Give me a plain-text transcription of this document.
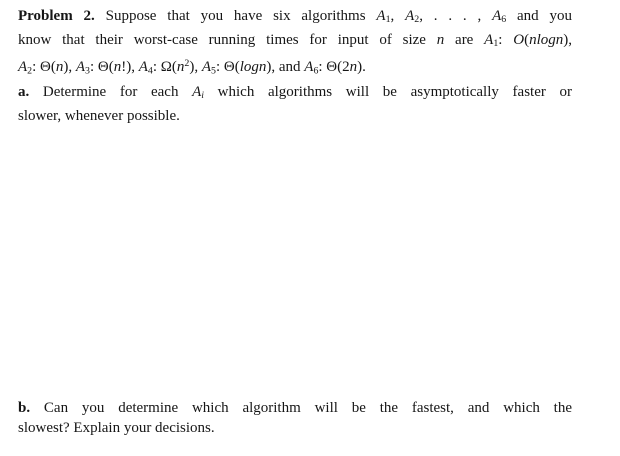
Problem 2. Suppose that you have six algorithms $A_1$, $A_2$, . . . , $A_6$ and you
know that their worst-case running times for input of size n are $A_1$: O(nlogn),
$A_2$: Θ(n), $A_3$: Θ(n!), $A_4$: $\Omega(n^2)$, $A_5$: Θ(logn), and $A_6$: Θ(2n).
a. Determine for each Ai which algorithms will be asymptotically faster or
slower, whenever possible.
b. Can you determine which algorithm will be the fastest, and which the
slowest? Explain your decisions.
